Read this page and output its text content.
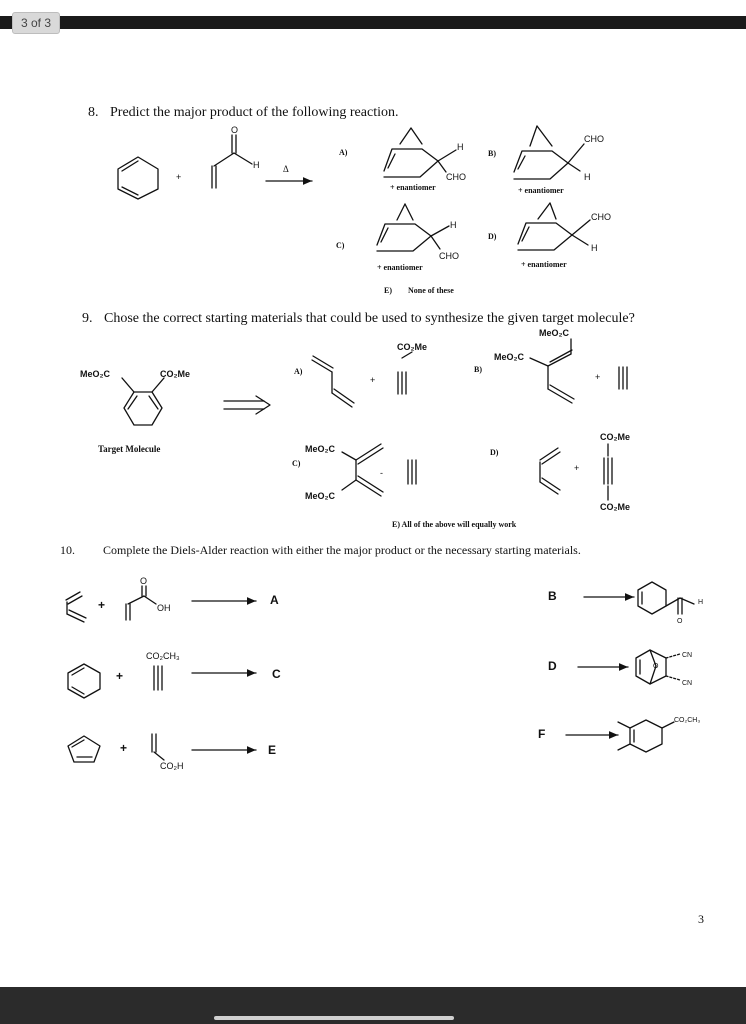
3 of 3
8. Predict the major product of the following reaction.
+
O
H	Δ
A)
H
CHO
+ enantiomer
B)
CHO
H
+ enantiomer
C)
H
CHO
+ enantiomer
D)
CHO
H
+ enantiomer
E) None of these
9. Chose the correct starting materials that could be used to synthesize the given target molecule?
MeO₂C	CO₂Me
Target Molecule
A)
+
CO₂Me
B)
MeO₂C
MeO₂C
+
C)
MeO₂C
MeO₂C
-
D)
+
CO₂Me
CO₂Me
E) All of the above will equally work
10. Complete the Diels-Alder reaction with either the major product or the necessary starting materials.
+
O
OH
A	B	H
O
+
CO₂CH₃
C
D	O
CN
CN
+
CO₂H
E
F
CO₂CH₃
3
